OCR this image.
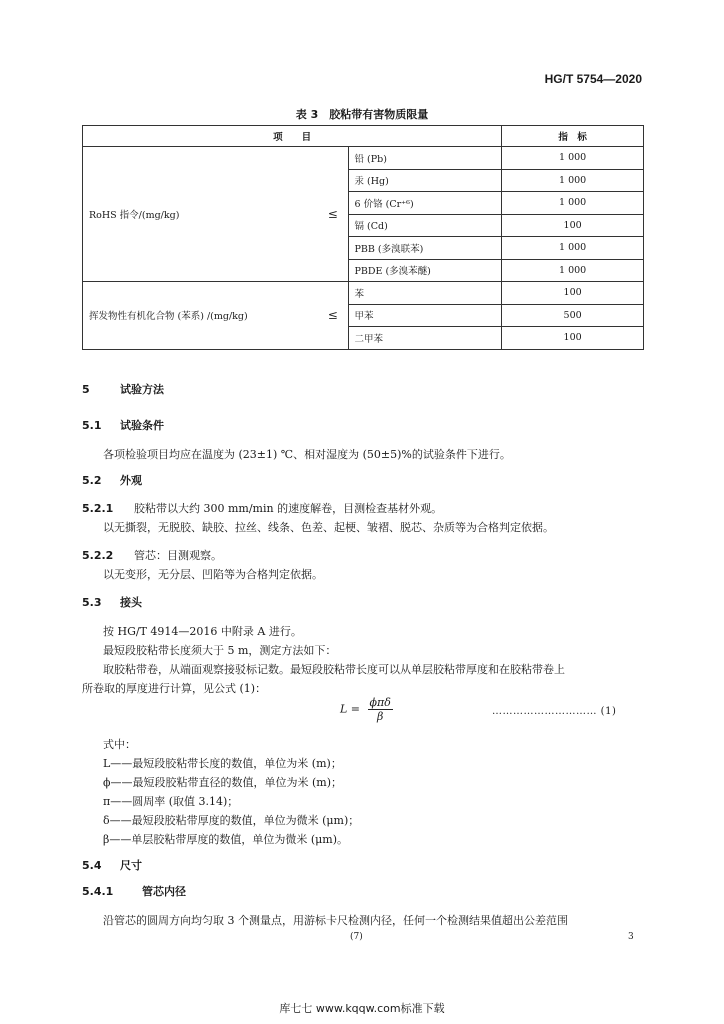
HG/T 5754—2020
表 3　胶粘带有害物质限量
项　　目			指　标
RoHS 指令/(mg/kg)	≤	铅 (Pb)	1 000
		汞 (Hg)	1 000
		6 价铬 (Cr⁺⁶)	1 000
		镉 (Cd)	100
		PBB (多溴联苯)	1 000
		PBDE (多溴苯醚)	1 000
挥发物性有机化合物 (苯系) /(mg/kg)	≤	苯	100
		甲苯	500
		二甲苯	100
5	试验方法
5.1 试验条件
各项检验项目均应在温度为 (23±1) ℃、相对湿度为 (50±5)%的试验条件下进行。
5.2 外观
5.2.1 胶粘带以大约 300 mm/min 的速度解卷，目测检查基材外观。
以无撕裂，无脱胶、缺胶、拉丝、线条、色差、起梗、皱褶、脱芯、杂质等为合格判定依据。
5.2.2 管芯：目测观察。
以无变形，无分层、凹陷等为合格判定依据。
5.3 接头
按 HG/T 4914—2016 中附录 A 进行。
最短段胶粘带长度须大于 5 m，测定方法如下：
取胶粘带卷，从端面观察接驳标记数。最短段胶粘带长度可以从单层胶粘带厚度和在胶粘带卷上
所卷取的厚度进行计算，见公式 (1)：
$L = \frac{\text{ϕπδ}}{\beta}$	………………………… (1)
式中：
L——最短段胶粘带长度的数值，单位为米 (m)；
ϕ——最短段胶粘带直径的数值，单位为米 (m)；
π——圆周率 (取值 3.14)；
δ——最短段胶粘带厚度的数值，单位为微米 (μm)；
β——单层胶粘带厚度的数值，单位为微米 (μm)。
5.4 尺寸
5.4.1	管芯内径
沿管芯的圆周方向均匀取 3 个测量点，用游标卡尺检测内径，任何一个检测结果值超出公差范围
(7)	3
库七七 www.kqqw.com标准下载
